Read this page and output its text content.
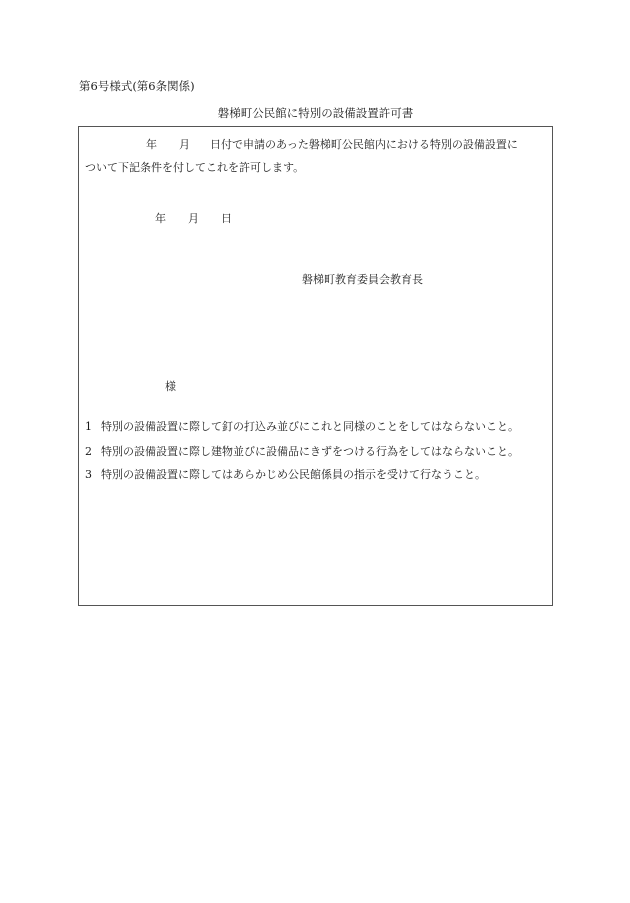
第6号様式(第6条関係)
磐梯町公民館に特別の設備設置許可書
年 月 日付で申請のあった磐梯町公民館内における特別の設備設置に
ついて下記条件を付してこれを許可します。
年 月 日
磐梯町教育委員会教育長
様
1 特別の設備設置に際して釘の打込み並びにこれと同様のことをしてはならないこと。
2 特別の設備設置に際し建物並びに設備品にきずをつける行為をしてはならないこと。
3 特別の設備設置に際してはあらかじめ公民館係員の指示を受けて行なうこと。
